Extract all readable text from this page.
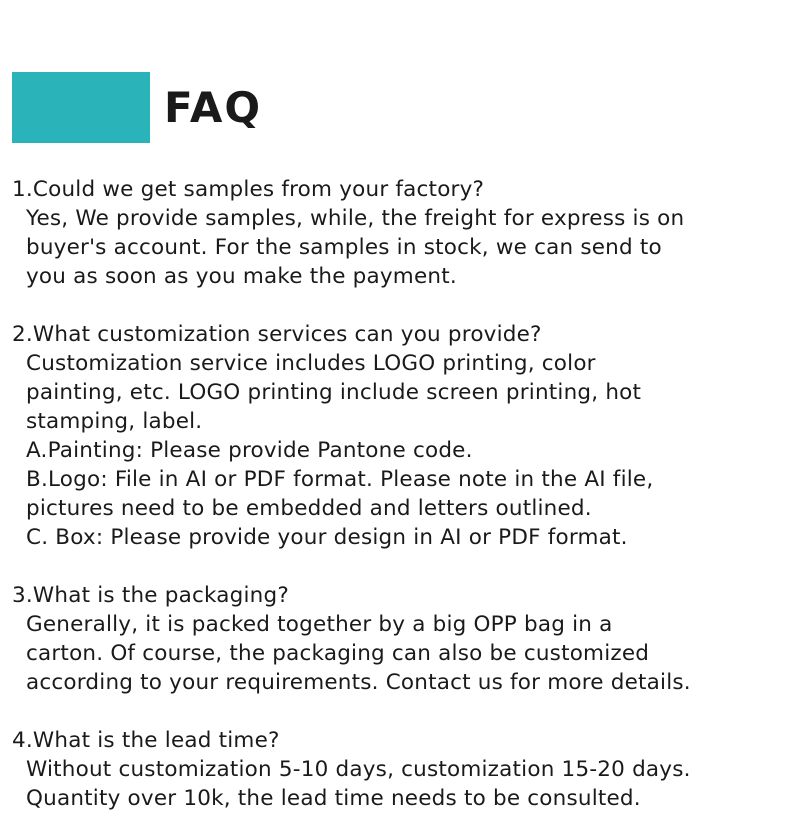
FAQ
1.Could we get samples from your factory?
Yes, We provide samples, while, the freight for express is on
buyer's account. For the samples in stock, we can send to
you as soon as you make the payment.
2.What customization services can you provide?
Customization service includes LOGO printing, color
painting, etc. LOGO printing include screen printing, hot
stamping, label.
A.Painting: Please provide Pantone code.
B.Logo: File in AI or PDF format. Please note in the AI file,
pictures need to be embedded and letters outlined.
C. Box: Please provide your design in AI or PDF format.
3.What is the packaging?
Generally, it is packed together by a big OPP bag in a
carton. Of course, the packaging can also be customized
according to your requirements. Contact us for more details.
4.What is the lead time?
Without customization 5-10 days, customization 15-20 days.
Quantity over 10k, the lead time needs to be consulted.
